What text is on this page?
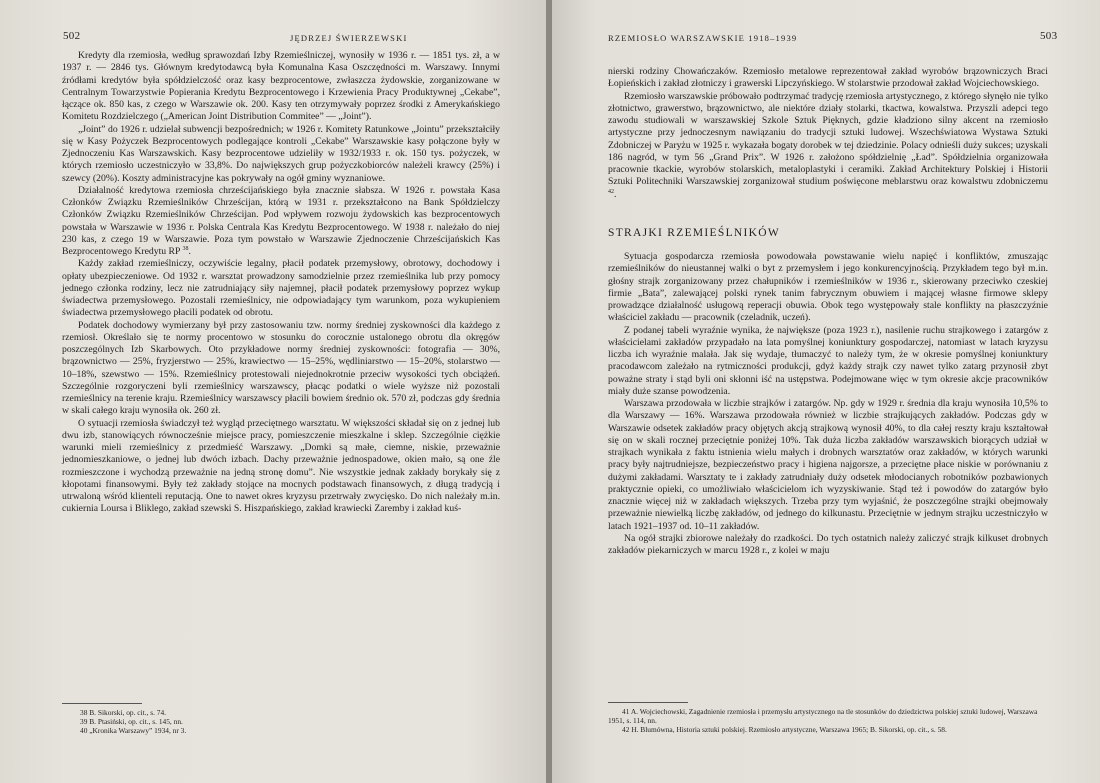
502	JĘDRZEJ ŚWIERZEWSKI

Kredyty dla rzemiosła, według sprawozdań Izby Rzemieślniczej, wynosiły w 1936 r. — 1851 tys. zł, a w 1937 r. — 2846 tys. Głównym kredytodawcą była Komunalna Kasa Oszczędności m. Warszawy. Innymi źródłami kredytów była spółdzielczość oraz kasy bezprocentowe, zwłaszcza żydowskie, zorganizowane w Centralnym Towarzystwie Popierania Kredytu Bezprocentowego i Krzewienia Pracy Produktywnej „Cekabe”, łączące ok. 850 kas, z czego w Warszawie ok. 200. Kasy ten otrzymywały poprzez środki z Amerykańskiego Komitetu Rozdzielczego („American Joint Distribution Commitee” — „Joint”).

„Joint” do 1926 r. udzielał subwencji bezpośrednich; w 1926 r. Komitety Ratunkowe „Jointu” przekształciły się w Kasy Pożyczek Bezprocentowych podlegające kontroli „Cekabe” Warszawskie kasy połączone były w Zjednoczeniu Kas Warszawskich. Kasy bezprocentowe udzieliły w 1932/1933 r. ok. 150 tys. pożyczek, w których rzemiosło uczestniczyło w 33,8%. Do największych grup pożyczkobiorców należeli krawcy (25%) i szewcy (20%). Koszty administracyjne kas pokrywały na ogół gminy wyznaniowe.

Działalność kredytowa rzemiosła chrześcijańskiego była znacznie słabsza. W 1926 r. powstała Kasa Członków Związku Rzemieślników Chrześcijan, którą w 1931 r. przekształcono na Bank Spółdzielczy Członków Związku Rzemieślników Chrześcijan. Pod wpływem rozwoju żydowskich kas bezprocentowych powstała w Warszawie w 1936 r. Polska Centrala Kas Kredytu Bezprocentowego. W 1938 r. należało do niej 230 kas, z czego 19 w Warszawie. Poza tym powstało w Warszawie Zjednoczenie Chrześcijańskich Kas Bezprocentowego Kredytu RP $^{38}$.

Każdy zakład rzemieślniczy, oczywiście legalny, płacił podatek przemysłowy, obrotowy, dochodowy i opłaty ubezpieczeniowe. Od 1932 r. warsztat prowadzony samodzielnie przez rzemieślnika lub przy pomocy jednego członka rodziny, lecz nie zatrudniający siły najemnej, płacił podatek przemysłowy poprzez wykup świadectwa przemysłowego. Pozostali rzemieślnicy, nie odpowiadający tym warunkom, poza wykupieniem świadectwa przemysłowego płacili podatek od obrotu.

Podatek dochodowy wymierzany był przy zastosowaniu tzw. normy średniej zyskowności dla każdego z rzemiosł. Określało się te normy procentowo w stosunku do corocznie ustalonego obrotu dla okręgów poszczególnych Izb Skarbowych. Oto przykładowe normy średniej zyskowności: fotografia — 30%, brązownictwo — 25%, fryzjerstwo — 25%, krawiectwo — 15–25%, wędliniarstwo — 15–20%, stolarstwo — 10–18%, szewstwo — 15%. Rzemieślnicy protestowali niejednokrotnie przeciw wysokości tych obciążeń. Szczególnie rozgoryczeni byli rzemieślnicy warszawscy, płacąc podatki o wiele wyższe niż pozostali rzemieślnicy na terenie kraju. Rzemieślnicy warszawscy płacili bowiem średnio ok. 570 zł, podczas gdy średnia w skali całego kraju wynosiła ok. 260 zł.

O sytuacji rzemiosła świadczył też wygląd przeciętnego warsztatu. W większości składał się on z jednej lub dwu izb, stanowiących równocześnie miejsce pracy, pomieszczenie mieszkalne i sklep. Szczególnie ciężkie warunki mieli rzemieślnicy z przedmieść Warszawy. „Domki są małe, ciemne, niskie, przeważnie jednomieszkaniowe, o jednej lub dwóch izbach. Dachy przeważnie jednospadowe, okien mało, są one źle rozmieszczone i wychodzą przeważnie na jedną stronę domu”. Nie wszystkie jednak zakłady borykały się z kłopotami finansowymi. Były też zakłady stojące na mocnych podstawach finansowych, z długą tradycją i utrwaloną wśród klienteli reputacją. One to nawet okres kryzysu przetrwały zwycięsko. Do nich należały m.in. cukiernia Loursa i Bliklego, zakład szewski S. Hiszpańskiego, zakład krawiecki Zaremby i zakład kuś-

38 B. Sikorski, op. cit., s. 74.

39 B. Ptasiński, op. cit., s. 145, nn.

40 „Kronika Warszawy” 1934, nr 3.

RZEMIOSŁO WARSZAWSKIE 1918–1939	503

nierski rodziny Chowańczaków. Rzemiosło metalowe reprezentował zakład wyrobów brązowniczych Braci Łopieńskich i zakład złotniczy i grawerski Lipczyńskiego. W stolarstwie przodował zakład Wojciechowskiego.

Rzemiosło warszawskie próbowało podtrzymać tradycję rzemiosła artystycznego, z którego słynęło nie tylko złotnictwo, grawerstwo, brązownictwo, ale niektóre działy stolarki, tkactwa, kowalstwa. Przyszli adepci tego zawodu studiowali w warszawskiej Szkole Sztuk Pięknych, gdzie kładziono silny akcent na rzemiosło artystyczne przy jednoczesnym nawiązaniu do tradycji sztuki ludowej. Wszechświatowa Wystawa Sztuki Zdobniczej w Paryżu w 1925 r. wykazała bogaty dorobek w tej dziedzinie. Polacy odnieśli duży sukces; uzyskali 186 nagród, w tym 56 „Grand Prix”. W 1926 r. założono spółdzielnię „Ład”. Spółdzielnia organizowała pracownie tkackie, wyrobów stolarskich, metaloplastyki i ceramiki. Zakład Architektury Polskiej i Historii Sztuki Politechniki Warszawskiej zorganizował studium poświęcone meblarstwu oraz kowalstwu zdobniczemu $^{42}$.

STRAJKI RZEMIEŚLNIKÓW

Sytuacja gospodarcza rzemiosła powodowała powstawanie wielu napięć i konfliktów, zmuszając rzemieślników do nieustannej walki o byt z przemysłem i jego konkurencyjnością. Przykładem tego był m.in. głośny strajk zorganizowany przez chałupników i rzemieślników w 1936 r., skierowany przeciwko czeskiej firmie „Bata”, zalewającej polski rynek tanim fabrycznym obuwiem i mającej własne firmowe sklepy prowadzące działalność usługową reperacji obuwia. Obok tego występowały stale konflikty na płaszczyźnie właściciel zakładu — pracownik (czeladnik, uczeń).

Z podanej tabeli wyraźnie wynika, że największe (poza 1923 r.), nasilenie ruchu strajkowego i zatargów z właścicielami zakładów przypadało na lata pomyślnej koniunktury gospodarczej, natomiast w latach kryzysu liczba ich wyraźnie malała. Jak się wydaje, tłumaczyć to należy tym, że w okresie pomyślnej koniunktury pracodawcom zależało na rytmiczności produkcji, gdyż każdy strajk czy nawet tylko zatarg przynosił zbyt poważne straty i stąd byli oni skłonni iść na ustępstwa. Podejmowane więc w tym okresie akcje pracowników miały duże szanse powodzenia.

Warszawa przodowała w liczbie strajków i zatargów. Np. gdy w 1929 r. średnia dla kraju wynosiła 10,5% to dla Warszawy — 16%. Warszawa przodowała również w liczbie strajkujących zakładów. Podczas gdy w Warszawie odsetek zakładów pracy objętych akcją strajkową wynosił 40%, to dla całej reszty kraju kształtował się on w skali rocznej przeciętnie poniżej 10%. Tak duża liczba zakładów warszawskich biorących udział w strajkach wynikała z faktu istnienia wielu małych i drobnych warsztatów oraz zakładów, w których warunki pracy były najtrudniejsze, bezpieczeństwo pracy i higiena najgorsze, a przeciętne płace niskie w porównaniu z dużymi zakładami. Warsztaty te i zakłady zatrudniały duży odsetek młodocianych robotników pozbawionych praktycznie opieki, co umożliwiało właścicielom ich wyzyskiwanie. Stąd też i powodów do zatargów było znacznie więcej niż w zakładach większych. Trzeba przy tym wyjaśnić, że poszczególne strajki obejmowały przeważnie niewielką liczbę zakładów, od jednego do kilkunastu. Przeciętnie w jednym strajku uczestniczyło w latach 1921–1937 od. 10–11 zakładów.

Na ogół strajki zbiorowe należały do rzadkości. Do tych ostatnich należy zaliczyć strajk kilkuset drobnych zakładów piekarniczych w marcu 1928 r., z kolei w maju

41 A. Wojciechowski, Zagadnienie rzemiosła i przemysłu artystycznego na tle stosunków do dziedzictwa polskiej sztuki ludowej, Warszawa 1951, s. 114, nn.

42 H. Blumówna, Historia sztuki polskiej. Rzemiosło artystyczne, Warszawa 1965; B. Sikorski, op. cit., s. 58.
